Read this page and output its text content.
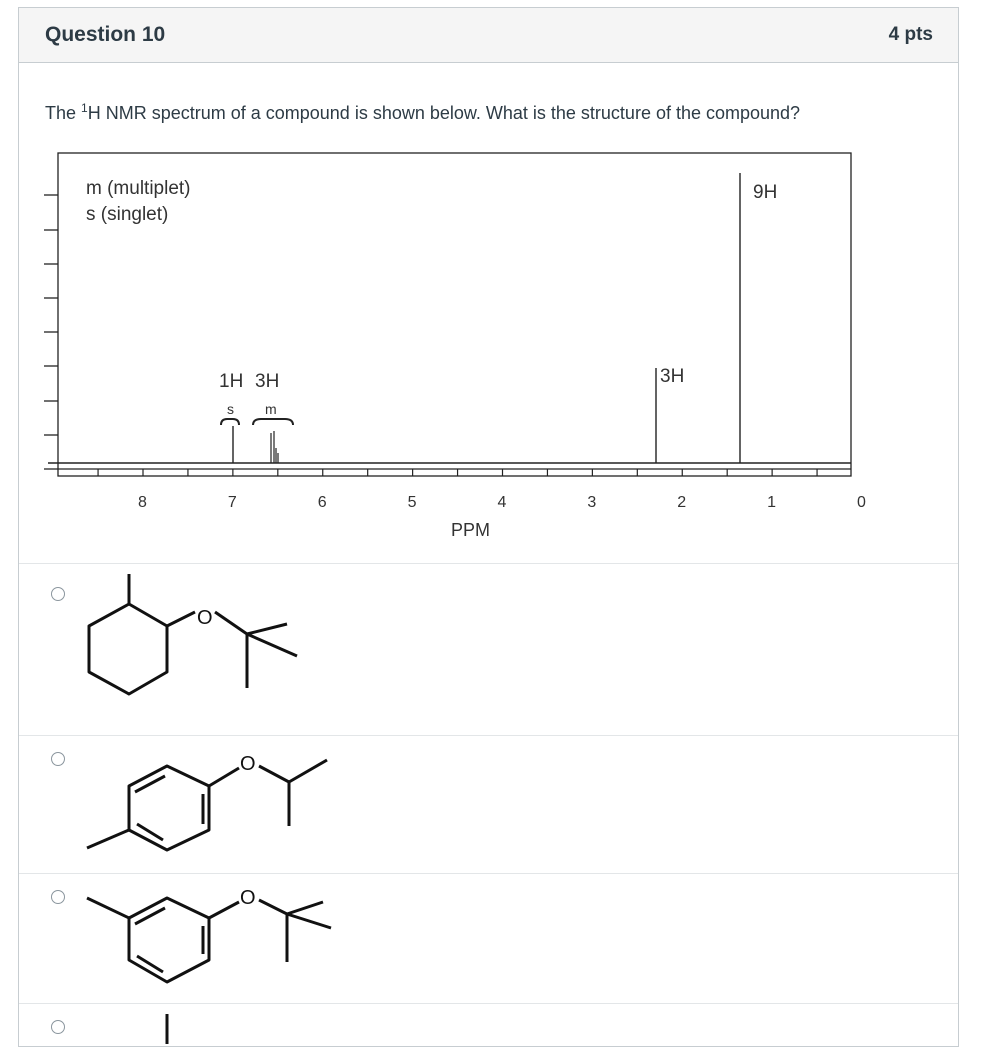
Question 10	4 pts
The $^1$H NMR spectrum of a compound is shown below. What is the structure of the compound?
m (multiplet)
s (singlet)
1H 3H
s m
3H
9H
8	7	6	5	4	3	2	1	0
PPM
O
O
O
